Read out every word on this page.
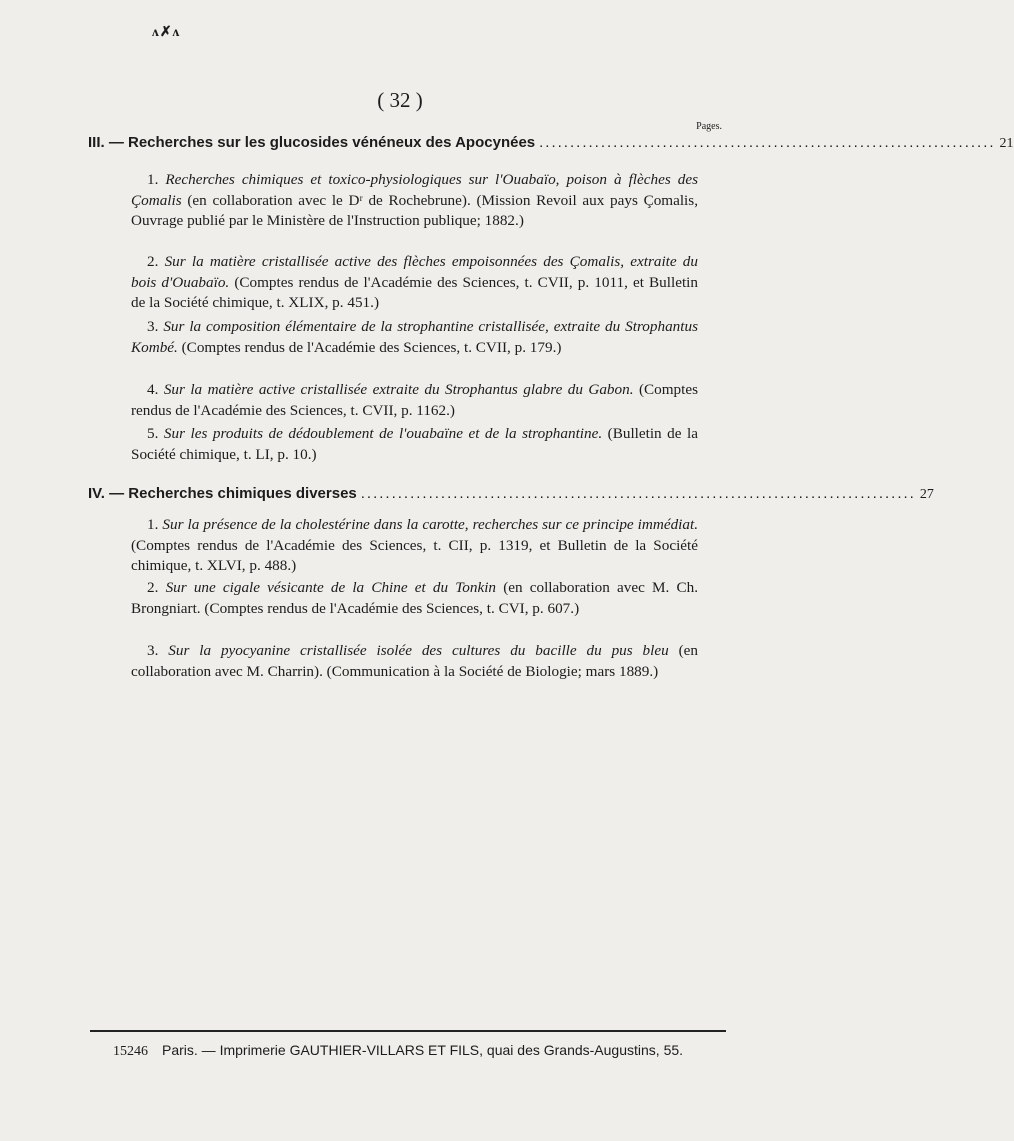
ᴧ✗ᴧ
( 32 )
Pages.
III. — Recherches sur les glucosides vénéneux des Apocynées .......................................................................... 21
1. Recherches chimiques et toxico-physiologiques sur l'Ouabaïo, poison à flèches des Çomalis (en collaboration avec le Dʳ de Rochebrune). (Mission Revoil aux pays Çomalis, Ouvrage publié par le Ministère de l'Instruction publique; 1882.)
2. Sur la matière cristallisée active des flèches empoisonnées des Çomalis, extraite du bois d'Ouabaïo. (Comptes rendus de l'Académie des Sciences, t. CVII, p. 1011, et Bulletin de la Société chimique, t. XLIX, p. 451.)
3. Sur la composition élémentaire de la strophantine cristallisée, extraite du Strophantus Kombé. (Comptes rendus de l'Académie des Sciences, t. CVII, p. 179.)
4. Sur la matière active cristallisée extraite du Strophantus glabre du Gabon. (Comptes rendus de l'Académie des Sciences, t. CVII, p. 1162.)
5. Sur les produits de dédoublement de l'ouabaïne et de la strophantine. (Bulletin de la Société chimique, t. LI, p. 10.)
IV. — Recherches chimiques diverses .......................................................................................... 27
1. Sur la présence de la cholestérine dans la carotte, recherches sur ce principe immédiat. (Comptes rendus de l'Académie des Sciences, t. CII, p. 1319, et Bulletin de la Société chimique, t. XLVI, p. 488.)
2. Sur une cigale vésicante de la Chine et du Tonkin (en collaboration avec M. Ch. Brongniart. (Comptes rendus de l'Académie des Sciences, t. CVI, p. 607.)
3. Sur la pyocyanine cristallisée isolée des cultures du bacille du pus bleu (en collaboration avec M. Charrin). (Communication à la Société de Biologie; mars 1889.)
15246 Paris. — Imprimerie GAUTHIER-VILLARS ET FILS, quai des Grands-Augustins, 55.
